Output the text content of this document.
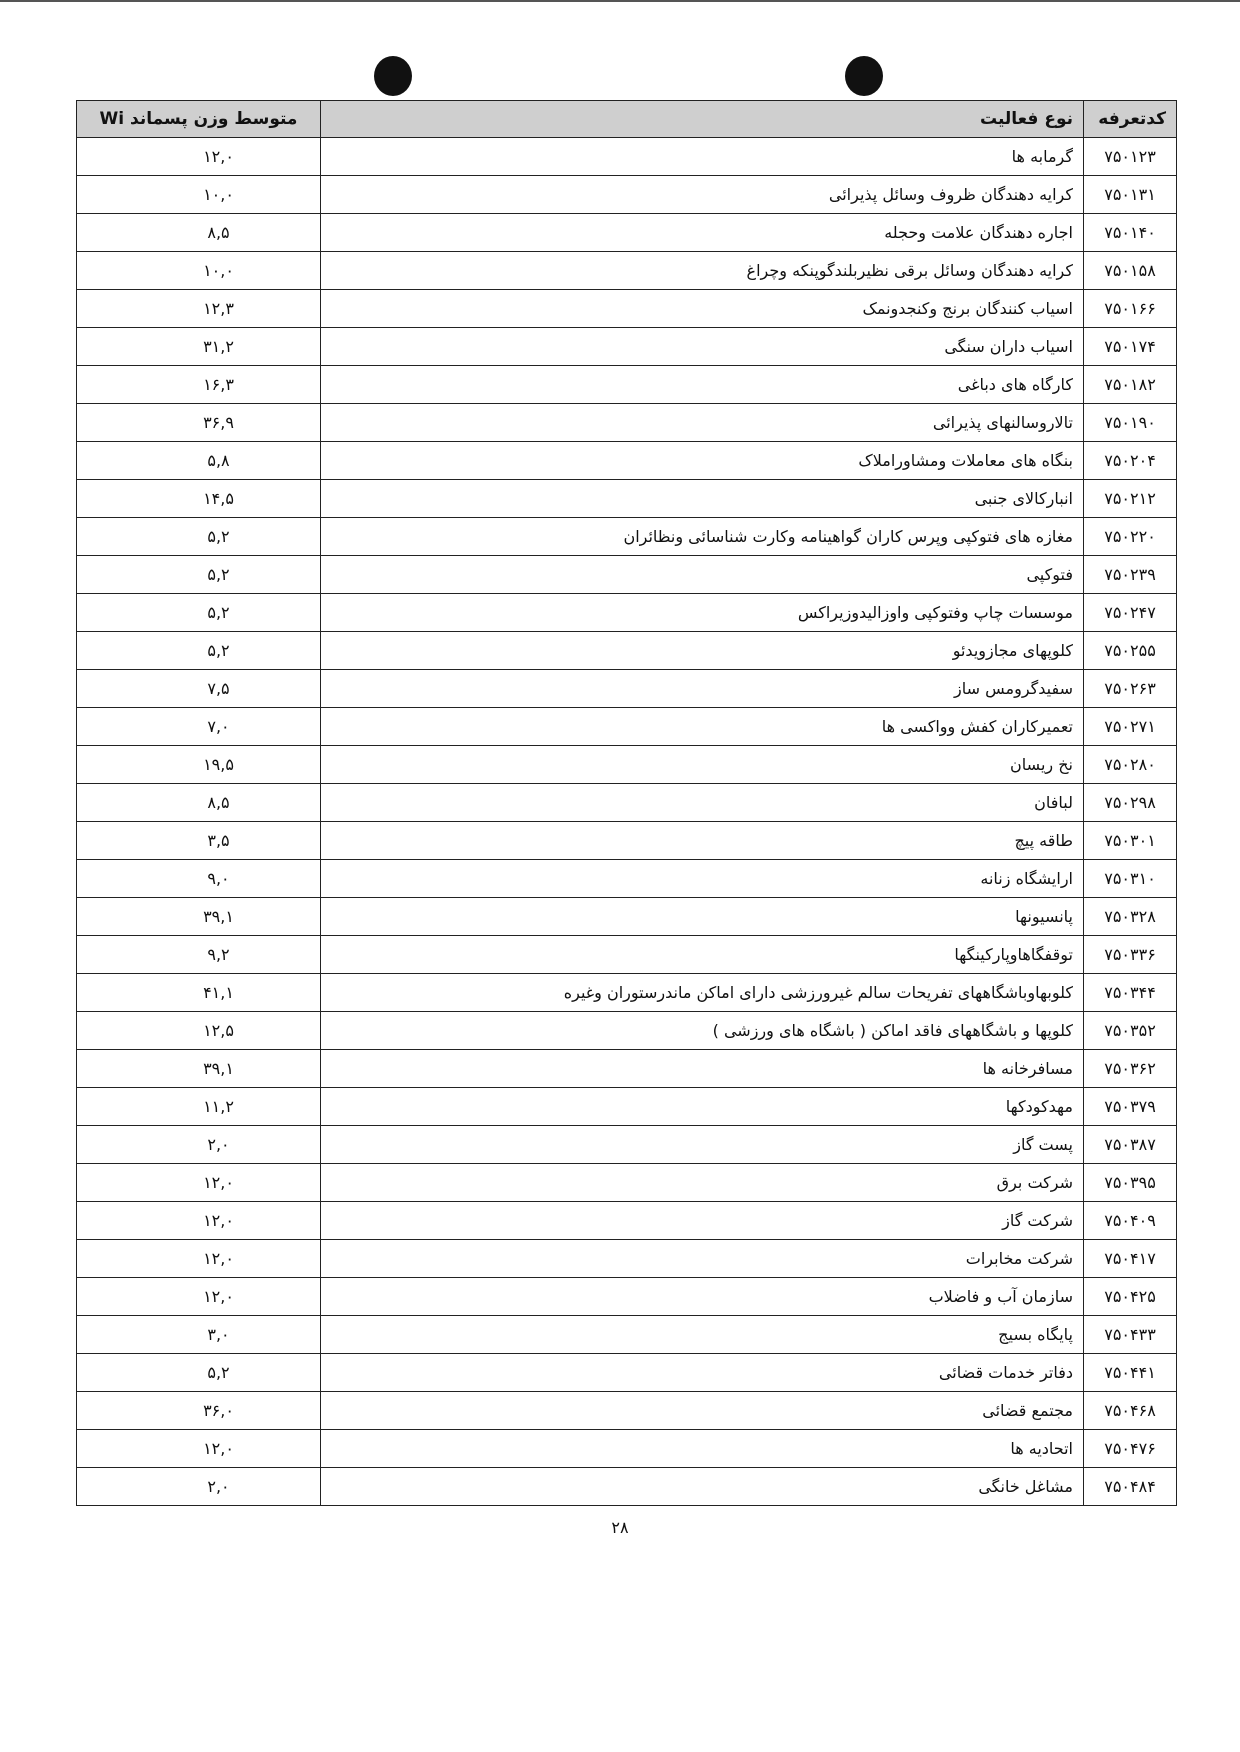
کدتعرفه	نوع فعالیت	متوسط وزن پسماند Wi
۷۵۰۱۲۳	گرمابه ها	۱۲,۰
۷۵۰۱۳۱	کرایه دهندگان ظروف وسائل پذیرائی	۱۰,۰
۷۵۰۱۴۰	اجاره دهندگان علامت وحجله	۸,۵
۷۵۰۱۵۸	کرایه دهندگان وسائل برقی نظیربلندگوپنکه وچراغ	۱۰,۰
۷۵۰۱۶۶	اسیاب کنندگان برنج وکنجدونمک	۱۲,۳
۷۵۰۱۷۴	اسیاب داران سنگی	۳۱,۲
۷۵۰۱۸۲	کارگاه های دباغی	۱۶,۳
۷۵۰۱۹۰	تالاروسالنهای پذیرائی	۳۶,۹
۷۵۰۲۰۴	بنگاه های معاملات ومشاوراملاک	۵,۸
۷۵۰۲۱۲	انبارکالای جنبی	۱۴,۵
۷۵۰۲۲۰	مغازه های فتوکپی وپرس کاران گواهینامه وکارت شناسائی ونظائران	۵,۲
۷۵۰۲۳۹	فتوکپی	۵,۲
۷۵۰۲۴۷	موسسات چاپ وفتوکپی واوزالیدوزیراکس	۵,۲
۷۵۰۲۵۵	کلوپهای مجازویدئو	۵,۲
۷۵۰۲۶۳	سفیدگرومس ساز	۷,۵
۷۵۰۲۷۱	تعمیرکاران کفش وواکسی ها	۷,۰
۷۵۰۲۸۰	نخ ریسان	۱۹,۵
۷۵۰۲۹۸	لبافان	۸,۵
۷۵۰۳۰۱	طاقه پیچ	۳,۵
۷۵۰۳۱۰	ارایشگاه زنانه	۹,۰
۷۵۰۳۲۸	پانسیونها	۳۹,۱
۷۵۰۳۳۶	توقفگاهاوپارکینگها	۹,۲
۷۵۰۳۴۴	کلوبهاوباشگاههای تفریحات سالم غیرورزشی دارای اماکن ماندرستوران وغیره	۴۱,۱
۷۵۰۳۵۲	کلوپها و باشگاههای فاقد اماکن ( باشگاه های ورزشی )	۱۲,۵
۷۵۰۳۶۲	مسافرخانه ها	۳۹,۱
۷۵۰۳۷۹	مهدکودکها	۱۱,۲
۷۵۰۳۸۷	پست گاز	۲,۰
۷۵۰۳۹۵	شرکت برق	۱۲,۰
۷۵۰۴۰۹	شرکت گاز	۱۲,۰
۷۵۰۴۱۷	شرکت مخابرات	۱۲,۰
۷۵۰۴۲۵	سازمان آب و فاضلاب	۱۲,۰
۷۵۰۴۳۳	پایگاه بسیج	۳,۰
۷۵۰۴۴۱	دفاتر خدمات قضائی	۵,۲
۷۵۰۴۶۸	مجتمع قضائی	۳۶,۰
۷۵۰۴۷۶	اتحادیه ها	۱۲,۰
۷۵۰۴۸۴	مشاغل خانگی	۲,۰
۲۸
